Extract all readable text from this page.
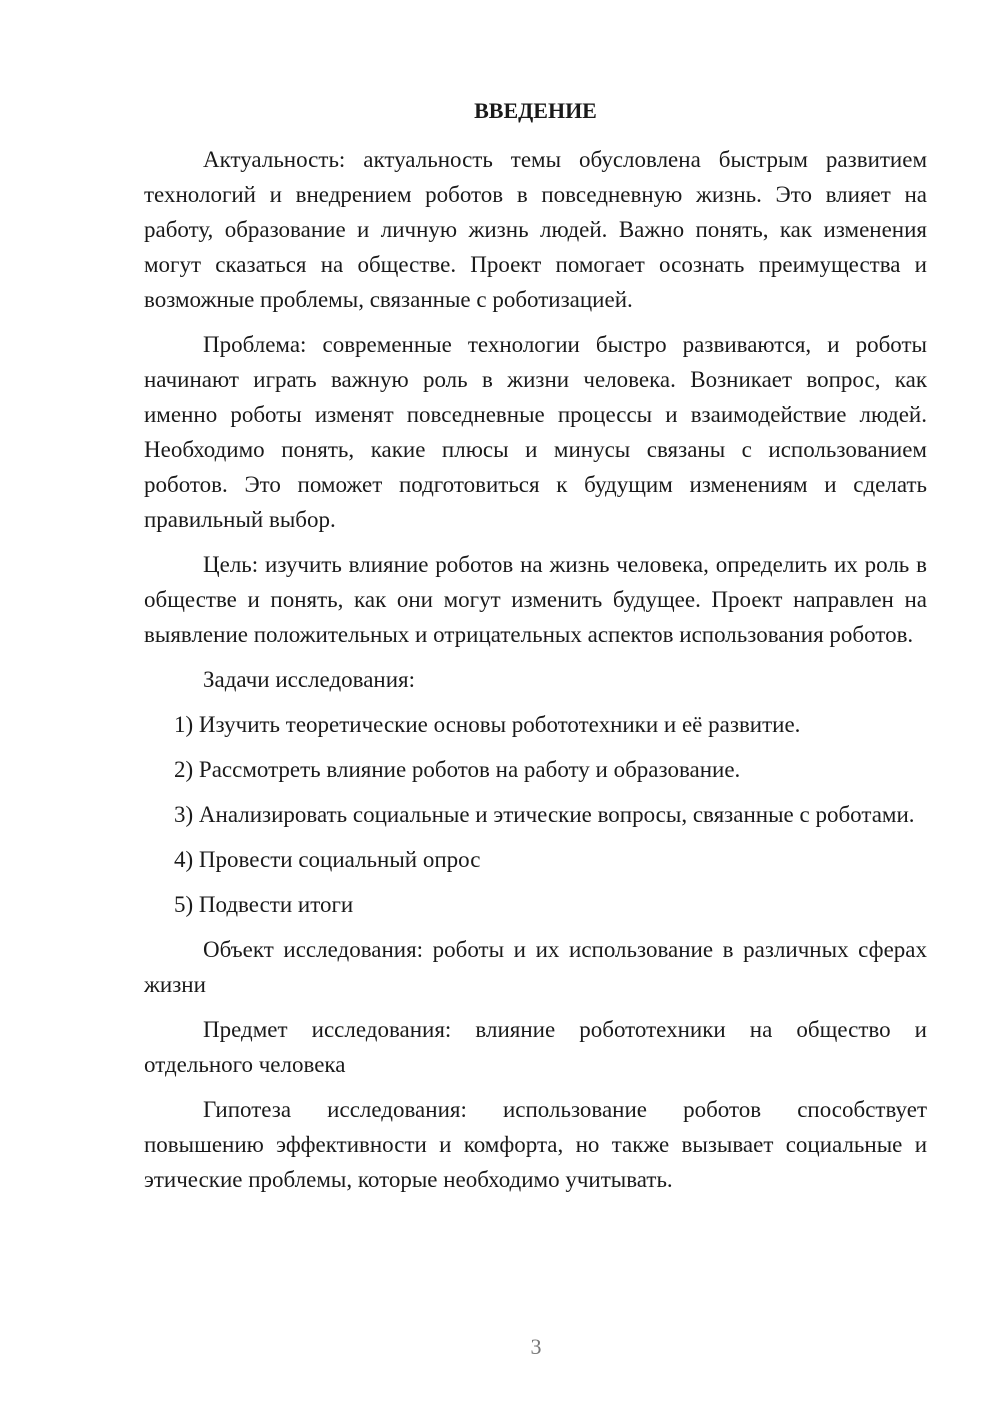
ВВЕДЕНИЕ

Актуальность: актуальность темы обусловлена быстрым развитием технологий и внедрением роботов в повседневную жизнь. Это влияет на работу, образование и личную жизнь людей. Важно понять, как изменения могут сказаться на обществе. Проект помогает осознать преимущества и возможные проблемы, связанные с роботизацией.

Проблема: современные технологии быстро развиваются, и роботы начинают играть важную роль в жизни человека. Возникает вопрос, как именно роботы изменят повседневные процессы и взаимодействие людей. Необходимо понять, какие плюсы и минусы связаны с использованием роботов. Это поможет подготовиться к будущим изменениям и сделать правильный выбор.

Цель: изучить влияние роботов на жизнь человека, определить их роль в обществе и понять, как они могут изменить будущее. Проект направлен на выявление положительных и отрицательных аспектов использования роботов.

Задачи исследования:

1) Изучить теоретические основы робототехники и её развитие.

2) Рассмотреть влияние роботов на работу и образование.

3) Анализировать социальные и этические вопросы, связанные с роботами.

4) Провести социальный опрос

5) Подвести итоги

Объект исследования: роботы и их использование в различных сферах жизни

Предмет исследования: влияние робототехники на общество и отдельного человека

Гипотеза исследования: использование роботов способствует повышению эффективности и комфорта, но также вызывает социальные и этические проблемы, которые необходимо учитывать.

3
